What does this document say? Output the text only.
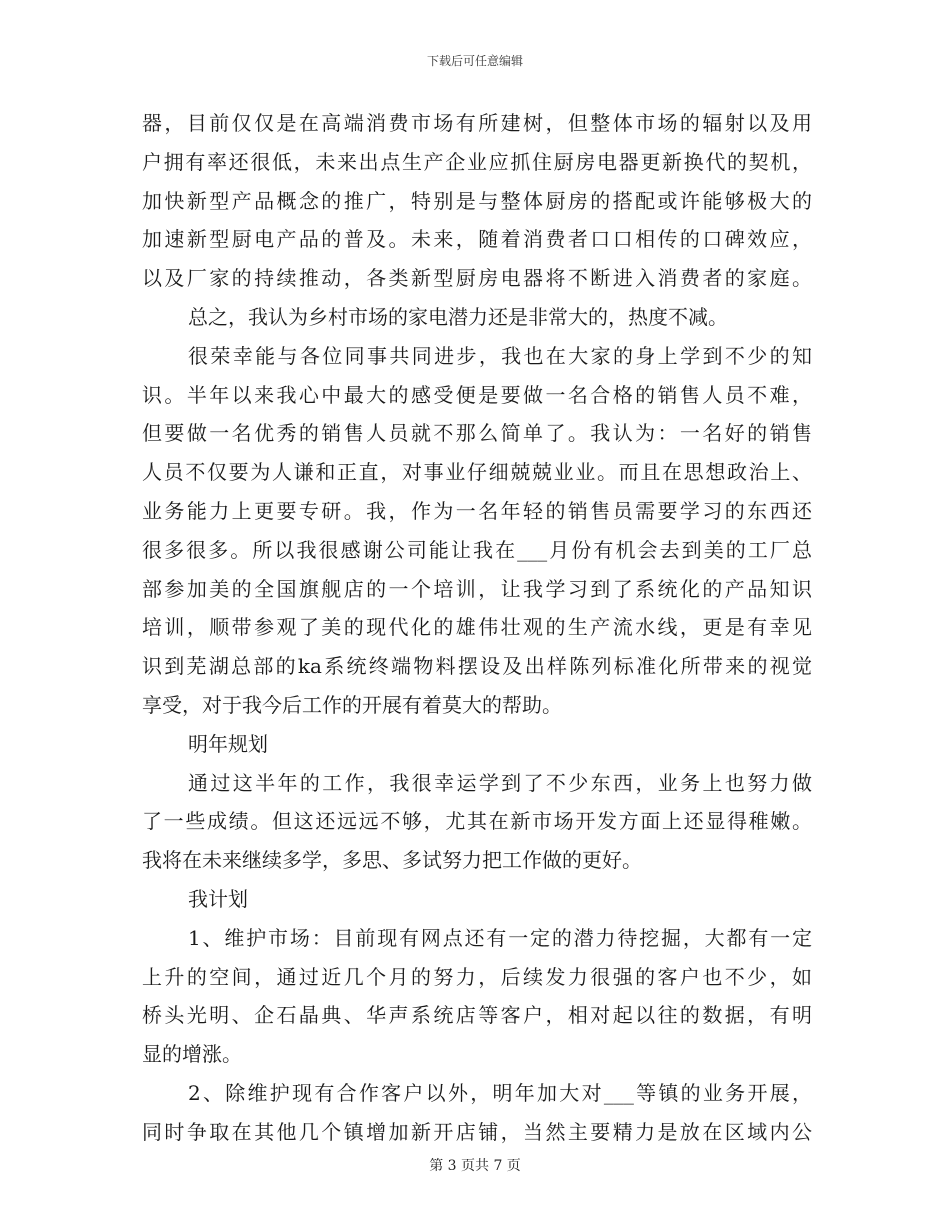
下载后可任意编辑
器，目前仅仅是在高端消费市场有所建树，但整体市场的辐射以及用
户拥有率还很低，未来出点生产企业应抓住厨房电器更新换代的契机，
加快新型产品概念的推广，特别是与整体厨房的搭配或许能够极大的
加速新型厨电产品的普及。未来，随着消费者口口相传的口碑效应，
以及厂家的持续推动，各类新型厨房电器将不断进入消费者的家庭。
总之，我认为乡村市场的家电潜力还是非常大的，热度不减。
很荣幸能与各位同事共同进步，我也在大家的身上学到不少的知
识。半年以来我心中最大的感受便是要做一名合格的销售人员不难，
但要做一名优秀的销售人员就不那么简单了。我认为：一名好的销售
人员不仅要为人谦和正直，对事业仔细兢兢业业。而且在思想政治上、
业务能力上更要专研。我，作为一名年轻的销售员需要学习的东西还
很多很多。所以我很感谢公司能让我在___月份有机会去到美的工厂总
部参加美的全国旗舰店的一个培训，让我学习到了系统化的产品知识
培训，顺带参观了美的现代化的雄伟壮观的生产流水线，更是有幸见
识到芜湖总部的ka系统终端物料摆设及出样陈列标准化所带来的视觉
享受，对于我今后工作的开展有着莫大的帮助。
明年规划
通过这半年的工作，我很幸运学到了不少东西，业务上也努力做
了一些成绩。但这还远远不够，尤其在新市场开发方面上还显得稚嫩。
我将在未来继续多学，多思、多试努力把工作做的更好。
我计划
1、维护市场：目前现有网点还有一定的潜力待挖掘，大都有一定
上升的空间，通过近几个月的努力，后续发力很强的客户也不少，如
桥头光明、企石晶典、华声系统店等客户，相对起以往的数据，有明
显的增涨。
2、除维护现有合作客户以外，明年加大对___等镇的业务开展，
同时争取在其他几个镇增加新开店铺，当然主要精力是放在区域内公
第 3 页共 7 页
